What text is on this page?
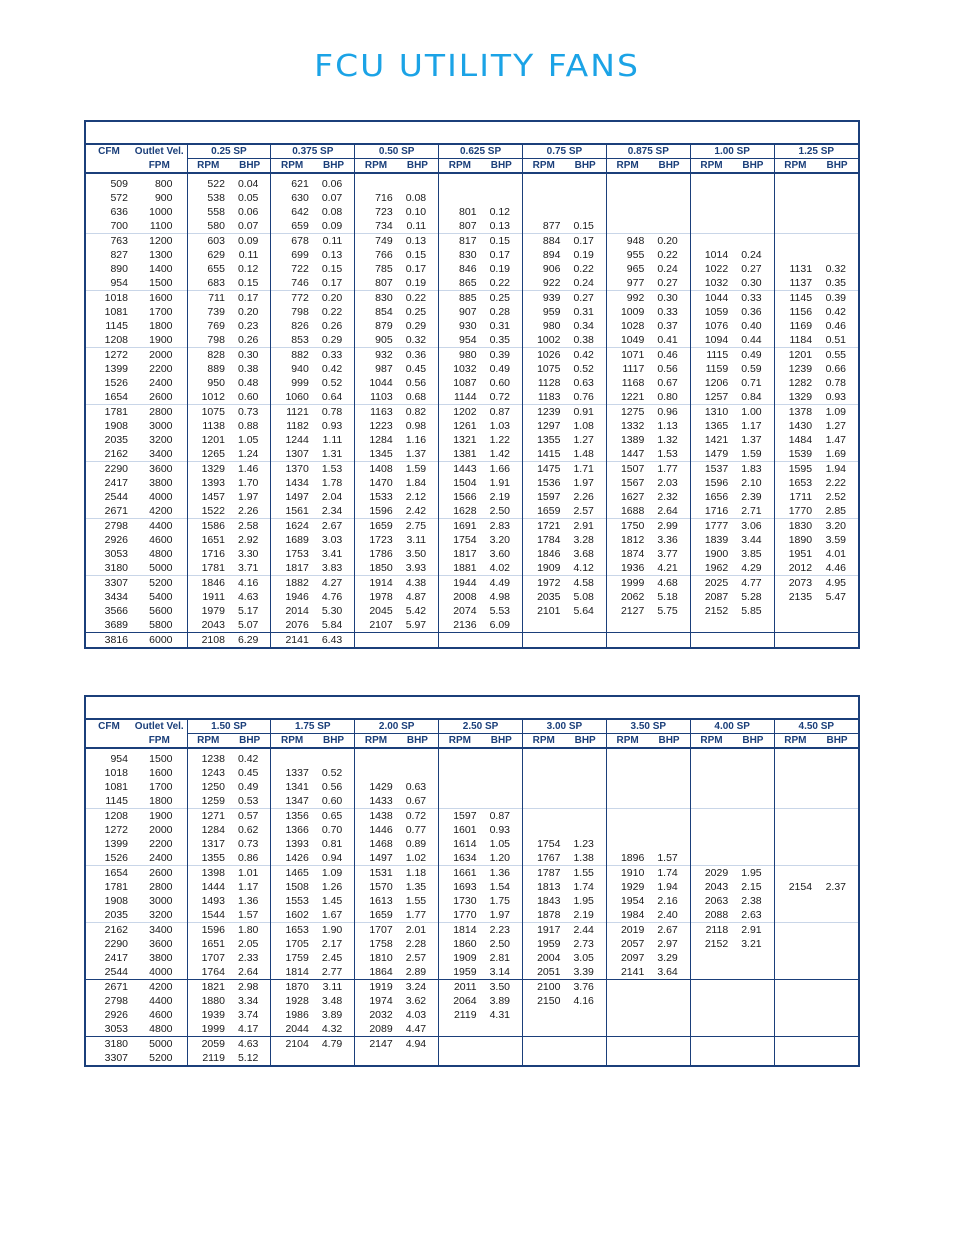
FCU UTILITY FANS
CFM	Outlet Vel.	0.25 SP		0.375 SP		0.50 SP		0.625 SP		0.75 SP		0.875 SP		1.00 SP		1.25 SP	
	FPM	RPM	BHP	RPM	BHP	RPM	BHP	RPM	BHP	RPM	BHP	RPM	BHP	RPM	BHP	RPM	BHP
509	800	522	0.04	621	0.06												
572	900	538	0.05	630	0.07	716	0.08										
636	1000	558	0.06	642	0.08	723	0.10	801	0.12								
700	1100	580	0.07	659	0.09	734	0.11	807	0.13	877	0.15						
763	1200	603	0.09	678	0.11	749	0.13	817	0.15	884	0.17	948	0.20				
827	1300	629	0.11	699	0.13	766	0.15	830	0.17	894	0.19	955	0.22	1014	0.24		
890	1400	655	0.12	722	0.15	785	0.17	846	0.19	906	0.22	965	0.24	1022	0.27	1131	0.32
954	1500	683	0.15	746	0.17	807	0.19	865	0.22	922	0.24	977	0.27	1032	0.30	1137	0.35
1018	1600	711	0.17	772	0.20	830	0.22	885	0.25	939	0.27	992	0.30	1044	0.33	1145	0.39
1081	1700	739	0.20	798	0.22	854	0.25	907	0.28	959	0.31	1009	0.33	1059	0.36	1156	0.42
1145	1800	769	0.23	826	0.26	879	0.29	930	0.31	980	0.34	1028	0.37	1076	0.40	1169	0.46
1208	1900	798	0.26	853	0.29	905	0.32	954	0.35	1002	0.38	1049	0.41	1094	0.44	1184	0.51
1272	2000	828	0.30	882	0.33	932	0.36	980	0.39	1026	0.42	1071	0.46	1115	0.49	1201	0.55
1399	2200	889	0.38	940	0.42	987	0.45	1032	0.49	1075	0.52	1117	0.56	1159	0.59	1239	0.66
1526	2400	950	0.48	999	0.52	1044	0.56	1087	0.60	1128	0.63	1168	0.67	1206	0.71	1282	0.78
1654	2600	1012	0.60	1060	0.64	1103	0.68	1144	0.72	1183	0.76	1221	0.80	1257	0.84	1329	0.93
1781	2800	1075	0.73	1121	0.78	1163	0.82	1202	0.87	1239	0.91	1275	0.96	1310	1.00	1378	1.09
1908	3000	1138	0.88	1182	0.93	1223	0.98	1261	1.03	1297	1.08	1332	1.13	1365	1.17	1430	1.27
2035	3200	1201	1.05	1244	1.11	1284	1.16	1321	1.22	1355	1.27	1389	1.32	1421	1.37	1484	1.47
2162	3400	1265	1.24	1307	1.31	1345	1.37	1381	1.42	1415	1.48	1447	1.53	1479	1.59	1539	1.69
2290	3600	1329	1.46	1370	1.53	1408	1.59	1443	1.66	1475	1.71	1507	1.77	1537	1.83	1595	1.94
2417	3800	1393	1.70	1434	1.78	1470	1.84	1504	1.91	1536	1.97	1567	2.03	1596	2.10	1653	2.22
2544	4000	1457	1.97	1497	2.04	1533	2.12	1566	2.19	1597	2.26	1627	2.32	1656	2.39	1711	2.52
2671	4200	1522	2.26	1561	2.34	1596	2.42	1628	2.50	1659	2.57	1688	2.64	1716	2.71	1770	2.85
2798	4400	1586	2.58	1624	2.67	1659	2.75	1691	2.83	1721	2.91	1750	2.99	1777	3.06	1830	3.20
2926	4600	1651	2.92	1689	3.03	1723	3.11	1754	3.20	1784	3.28	1812	3.36	1839	3.44	1890	3.59
3053	4800	1716	3.30	1753	3.41	1786	3.50	1817	3.60	1846	3.68	1874	3.77	1900	3.85	1951	4.01
3180	5000	1781	3.71	1817	3.83	1850	3.93	1881	4.02	1909	4.12	1936	4.21	1962	4.29	2012	4.46
3307	5200	1846	4.16	1882	4.27	1914	4.38	1944	4.49	1972	4.58	1999	4.68	2025	4.77	2073	4.95
3434	5400	1911	4.63	1946	4.76	1978	4.87	2008	4.98	2035	5.08	2062	5.18	2087	5.28	2135	5.47
3566	5600	1979	5.17	2014	5.30	2045	5.42	2074	5.53	2101	5.64	2127	5.75	2152	5.85		
3689	5800	2043	5.07	2076	5.84	2107	5.97	2136	6.09								
3816	6000	2108	6.29	2141	6.43												
CFM	Outlet Vel.	1.50 SP		1.75 SP		2.00 SP		2.50 SP		3.00 SP		3.50 SP		4.00 SP		4.50 SP	
	FPM	RPM	BHP	RPM	BHP	RPM	BHP	RPM	BHP	RPM	BHP	RPM	BHP	RPM	BHP	RPM	BHP
954	1500	1238	0.42														
1018	1600	1243	0.45	1337	0.52												
1081	1700	1250	0.49	1341	0.56	1429	0.63										
1145	1800	1259	0.53	1347	0.60	1433	0.67										
1208	1900	1271	0.57	1356	0.65	1438	0.72	1597	0.87								
1272	2000	1284	0.62	1366	0.70	1446	0.77	1601	0.93								
1399	2200	1317	0.73	1393	0.81	1468	0.89	1614	1.05	1754	1.23						
1526	2400	1355	0.86	1426	0.94	1497	1.02	1634	1.20	1767	1.38	1896	1.57				
1654	2600	1398	1.01	1465	1.09	1531	1.18	1661	1.36	1787	1.55	1910	1.74	2029	1.95		
1781	2800	1444	1.17	1508	1.26	1570	1.35	1693	1.54	1813	1.74	1929	1.94	2043	2.15	2154	2.37
1908	3000	1493	1.36	1553	1.45	1613	1.55	1730	1.75	1843	1.95	1954	2.16	2063	2.38		
2035	3200	1544	1.57	1602	1.67	1659	1.77	1770	1.97	1878	2.19	1984	2.40	2088	2.63		
2162	3400	1596	1.80	1653	1.90	1707	2.01	1814	2.23	1917	2.44	2019	2.67	2118	2.91		
2290	3600	1651	2.05	1705	2.17	1758	2.28	1860	2.50	1959	2.73	2057	2.97	2152	3.21		
2417	3800	1707	2.33	1759	2.45	1810	2.57	1909	2.81	2004	3.05	2097	3.29				
2544	4000	1764	2.64	1814	2.77	1864	2.89	1959	3.14	2051	3.39	2141	3.64				
2671	4200	1821	2.98	1870	3.11	1919	3.24	2011	3.50	2100	3.76						
2798	4400	1880	3.34	1928	3.48	1974	3.62	2064	3.89	2150	4.16						
2926	4600	1939	3.74	1986	3.89	2032	4.03	2119	4.31								
3053	4800	1999	4.17	2044	4.32	2089	4.47										
3180	5000	2059	4.63	2104	4.79	2147	4.94										
3307	5200	2119	5.12														
